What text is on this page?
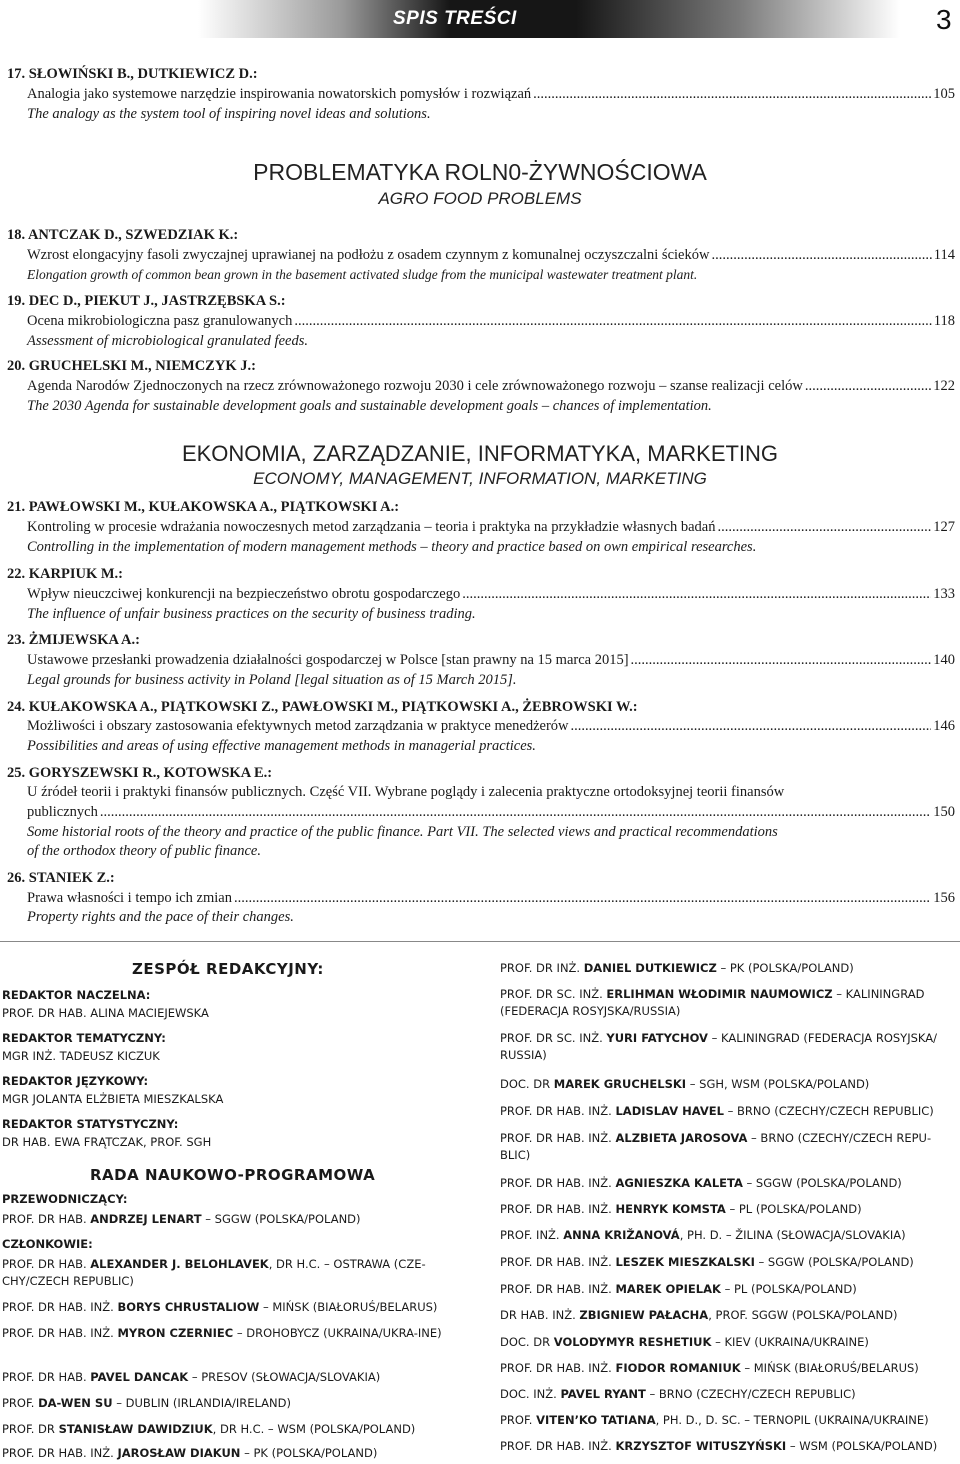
SPIS TREŚCI	3
17. SŁOWIŃSKI B., DUTKIEWICZ D.:
Analogia jako systemowe narzędzie inspirowania nowatorskich pomysłów i rozwiązań .....	105
The analogy as the system tool of inspiring novel ideas and solutions.
PROBLEMATYKA ROLN0-ŻYWNOŚCIOWA
AGRO FOOD PROBLEMS
18. ANTCZAK D., SZWEDZIAK K.:
Wzrost elongacyjny fasoli zwyczajnej uprawianej na podłożu z osadem czynnym z komunalnej oczyszczalni ścieków .....	114
Elongation growth of common bean grown in the basement activated sludge from the municipal wastewater treatment plant.
19. DEC D., PIEKUT J., JASTRZĘBSKA S.:
Ocena mikrobiologiczna pasz granulowanych .....	118
Assessment of microbiological granulated feeds.
20. GRUCHELSKI M., NIEMCZYK J.:
Agenda Narodów Zjednoczonych na rzecz zrównoważonego rozwoju 2030 i cele zrównoważonego rozwoju – szanse realizacji celów .....	122
The 2030 Agenda for sustainable development goals and sustainable development goals – chances of implementation.
EKONOMIA, ZARZĄDZANIE, INFORMATYKA, MARKETING
ECONOMY, MANAGEMENT, INFORMATION, MARKETING
21. PAWŁOWSKI M., KUŁAKOWSKA A., PIĄTKOWSKI A.:
Kontroling w procesie wdrażania nowoczesnych metod zarządzania – teoria i praktyka na przykładzie własnych badań .....	127
Controlling in the implementation of modern management methods – theory and practice based on own empirical researches.
22. KARPIUK M.:
Wpływ nieuczciwej konkurencji na bezpieczeństwo obrotu gospodarczego .....	133
The influence of unfair business practices on the security of business trading.
23. ŻMIJEWSKA A.:
Ustawowe przesłanki prowadzenia działalności gospodarczej w Polsce [stan prawny na 15 marca 2015] .....	140
Legal grounds for business activity in Poland [legal situation as of 15 March 2015].
24. KUŁAKOWSKA A., PIĄTKOWSKI Z., PAWŁOWSKI M., PIĄTKOWSKI A., ŻEBROWSKI W.:
Możliwości i obszary zastosowania efektywnych metod zarządzania w praktyce menedżerów .....	146
Possibilities and areas of using effective management methods in managerial practices.
25. GORYSZEWSKI R., KOTOWSKA E.:
U źródeł teorii i praktyki finansów publicznych. Część VII. Wybrane poglądy i zalecenia praktyczne ortodoksyjnej teorii finansów
publicznych .....	150
Some historial roots of the theory and practice of the public finance. Part VII. The selected views and practical recommendations
of the orthodox theory of public finance.
26. STANIEK Z.:
Prawa własności i tempo ich zmian .....	156
Property rights and the pace of their changes.
ZESPÓŁ REDAKCYJNY:
REDAKTOR NACZELNA:
PROF. DR HAB. ALINA MACIEJEWSKA
REDAKTOR TEMATYCZNY:
MGR INŻ. TADEUSZ KICZUK
REDAKTOR JĘZYKOWY:
MGR JOLANTA ELŻBIETA MIESZKALSKA
REDAKTOR STATYSTYCZNY:
DR HAB. EWA FRĄTCZAK, PROF. SGH
RADA NAUKOWO-PROGRAMOWA
PRZEWODNICZĄCY:
PROF. DR HAB. ANDRZEJ LENART – SGGW (POLSKA/POLAND)
CZŁONKOWIE:
PROF. DR HAB. ALEXANDER J. BELOHLAVEK, DR H.C. – OSTRAWA (CZE-CHY/CZECH REPUBLIC)
PROF. DR HAB. INŻ. BORYS CHRUSTALIOW – MIŃSK (BIAŁORUŚ/BELARUS)
PROF. DR HAB. INŻ. MYRON CZERNIEC – DROHOBYCZ (UKRAINA/UKRA-INE)
PROF. DR HAB. PAVEL DANCAK – PRESOV (SŁOWACJA/SLOVAKIA)
PROF. DA-WEN SU – DUBLIN (IRLANDIA/IRELAND)
PROF. DR STANISŁAW DAWIDZIUK, DR H.C. – WSM (POLSKA/POLAND)
PROF. DR HAB. INŻ. JAROSŁAW DIAKUN – PK (POLSKA/POLAND)
PROF. DR INŻ. DANIEL DUTKIEWICZ – PK (POLSKA/POLAND)
PROF. DR SC. INŻ. ERLIHMAN WŁODIMIR NAUMOWICZ – KALININGRAD (FEDERACJA ROSYJSKA/RUSSIA)
PROF. DR SC. INŻ. YURI FATYCHOV – KALININGRAD (FEDERACJA ROSYJSKA/ RUSSIA)
DOC. DR MAREK GRUCHELSKI – SGH, WSM (POLSKA/POLAND)
PROF. DR HAB. INŻ. LADISLAV HAVEL – BRNO (CZECHY/CZECH REPUBLIC)
PROF. DR HAB. INŻ. ALZBIETA JAROSOVA – BRNO (CZECHY/CZECH REPU-BLIC)
PROF. DR HAB. INŻ. AGNIESZKA KALETA – SGGW (POLSKA/POLAND)
PROF. DR HAB. INŻ. HENRYK KOMSTA – PL (POLSKA/POLAND)
PROF. INŻ. ANNA KRIŽANOVÁ, PH. D. – ŽILINA (SŁOWACJA/SLOVAKIA)
PROF. DR HAB. INŻ. LESZEK MIESZKALSKI – SGGW (POLSKA/POLAND)
PROF. DR HAB. INŻ. MAREK OPIELAK – PL (POLSKA/POLAND)
DR HAB. INŻ. ZBIGNIEW PAŁACHA, PROF. SGGW (POLSKA/POLAND)
DOC. DR VOLODYMYR RESHETIUK – KIEV (UKRAINA/UKRAINE)
PROF. DR HAB. INŻ. FIODOR ROMANIUK – MIŃSK (BIAŁORUŚ/BELARUS)
DOC. INŻ. PAVEL RYANT – BRNO (CZECHY/CZECH REPUBLIC)
PROF. VITEN’KO TATIANA, PH. D., D. SC. – TERNOPIL (UKRAINA/UKRAINE)
PROF. DR HAB. INŻ. KRZYSZTOF WITUSZYŃSKI – WSM (POLSKA/POLAND)
